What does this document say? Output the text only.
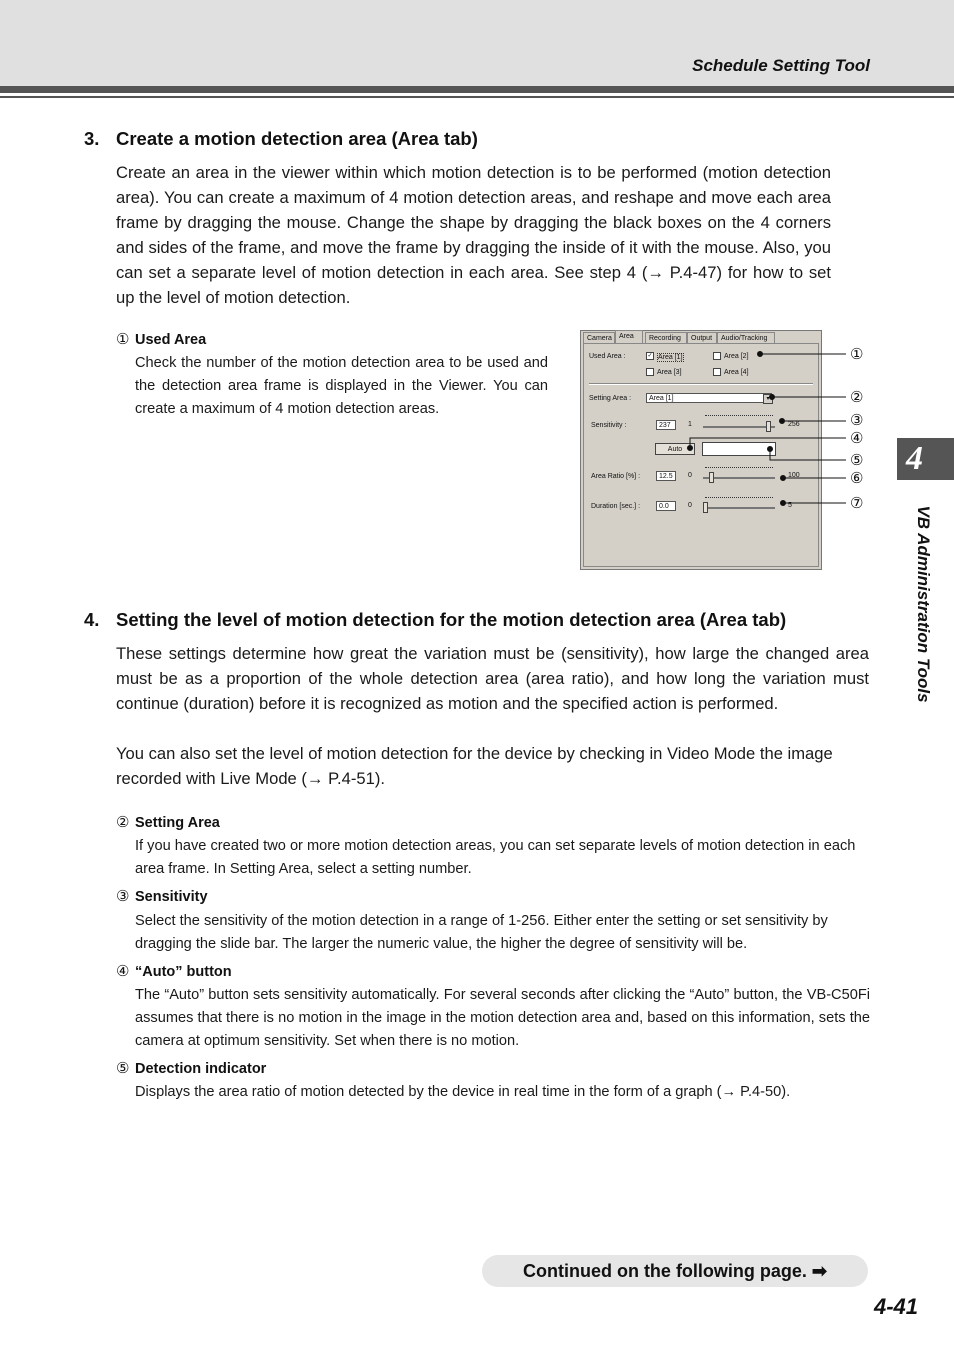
Schedule Setting Tool
3. Create a motion detection area (Area tab)
Create an area in the viewer within which motion detection is to be performed (motion detection area). You can create a maximum of 4 motion detection areas, and reshape and move each area frame by dragging the mouse. Change the shape by dragging the black boxes on the 4 corners and sides of the frame, and move the frame by dragging the inside of it with the mouse. Also, you can set a separate level of motion detection in each area. See step 4 (→ P.4-47) for how to set up the level of motion detection.
① Used Area
Check the number of the motion detection area to be used and the detection area frame is displayed in the Viewer. You can create a maximum of 4 motion detection areas.
Camera	Area	Recording	Output	Audio/Tracking
Used Area :	✓ Area [1]	Area [2]
Area [3]	Area [4]
Setting Area :	Area [1]	▾
Sensitivity :	237	1	256
Auto
Area Ratio [%] :	12.5	0	100
Duration [sec.] :	0.0	0	5
①
②
③
④
⑤
⑥
⑦
4. Setting the level of motion detection for the motion detection area (Area tab)
These settings determine how great the variation must be (sensitivity), how large the changed area must be as a proportion of the whole detection area (area ratio), and how long the variation must continue (duration) before it is recognized as motion and the specified action is performed.
You can also set the level of motion detection for the device by checking in Video Mode the image recorded with Live Mode (→ P.4-51).
② Setting Area
If you have created two or more motion detection areas, you can set separate levels of motion detection in each area frame. In Setting Area, select a setting number.
③ Sensitivity
Select the sensitivity of the motion detection in a range of 1-256. Either enter the setting or set sensitivity by dragging the slide bar. The larger the numeric value, the higher the degree of sensitivity will be.
④ “Auto” button
The “Auto” button sets sensitivity automatically. For several seconds after clicking the “Auto” button, the VB-C50Fi assumes that there is no motion in the image in the motion detection area and, based on this information, sets the camera at optimum sensitivity. Set when there is no motion.
⑤ Detection indicator
Displays the area ratio of motion detected by the device in real time in the form of a graph (→ P.4-50).
4
VB Administration Tools
Continued on the following page. ➡
4-41
